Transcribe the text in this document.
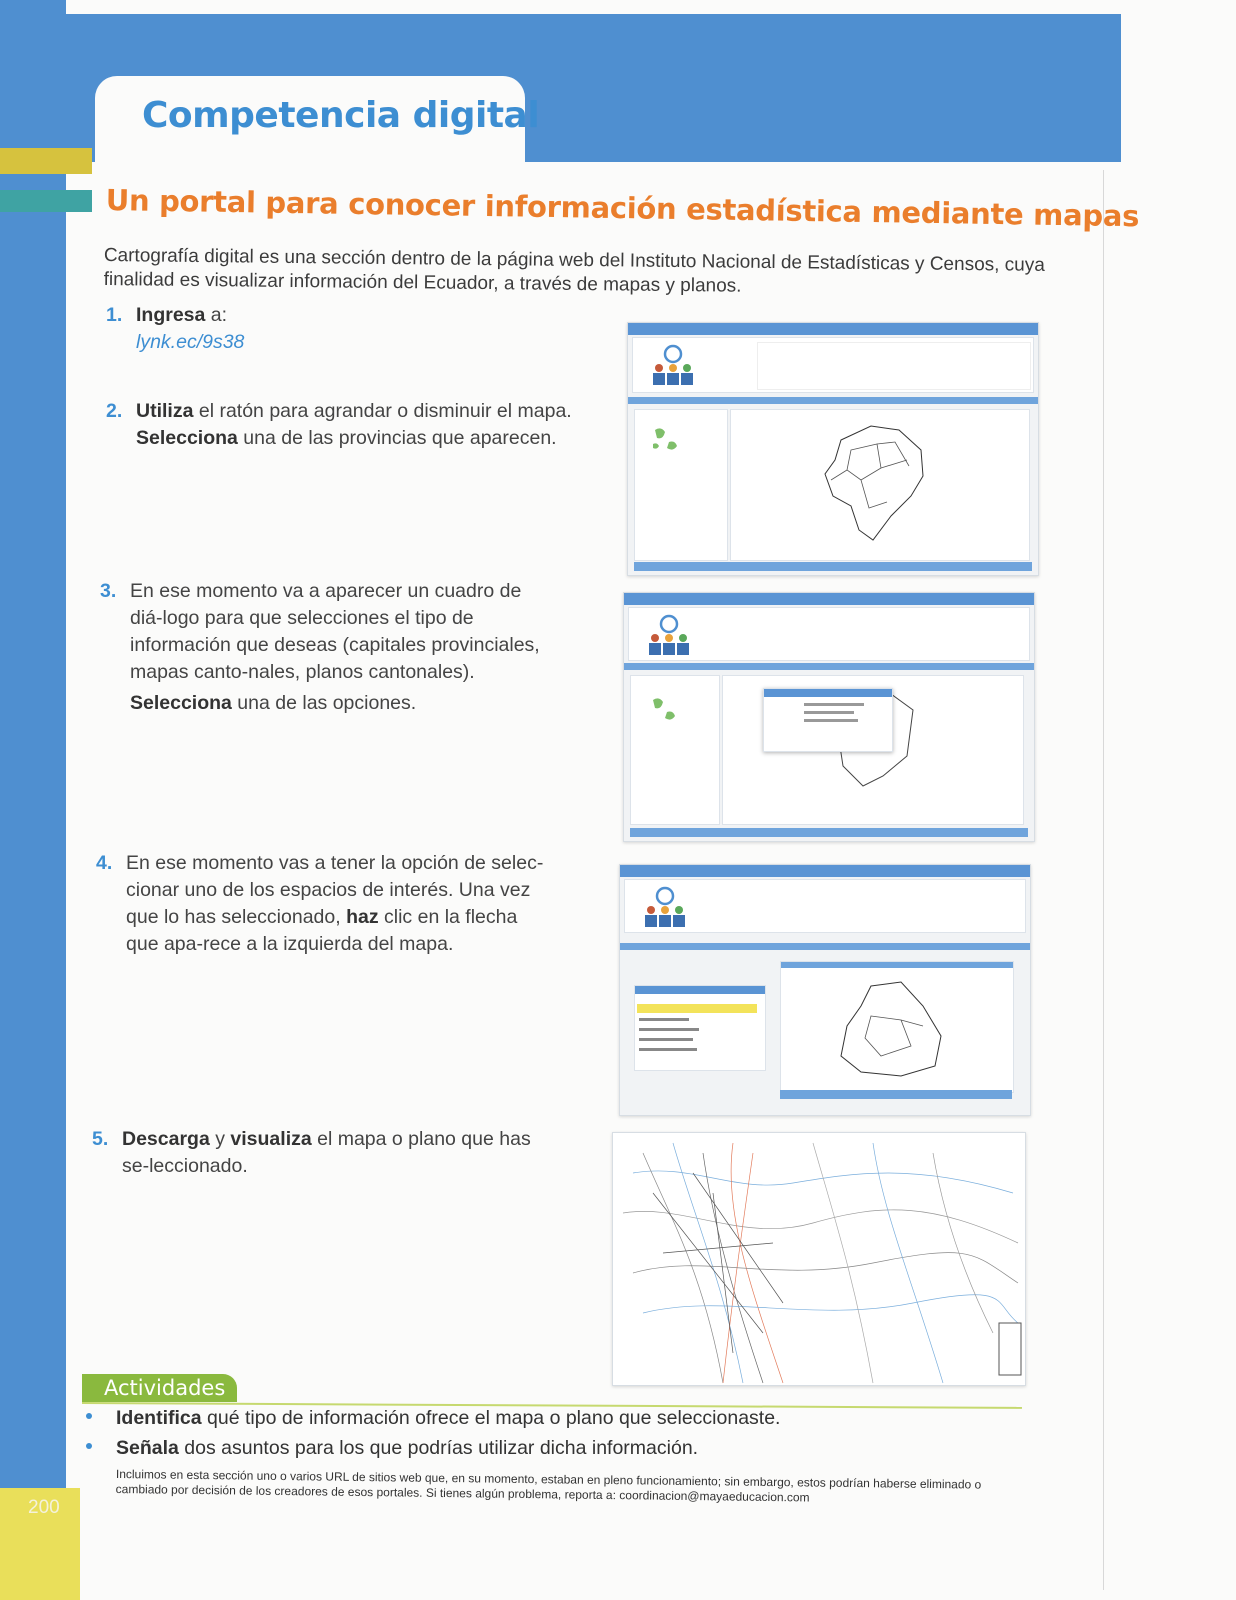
Competencia digital
Un portal para conocer información estadística mediante mapas
Cartografía digital es una sección dentro de la página web del Instituto Nacional de Estadísticas y Censos, cuya finalidad es visualizar información del Ecuador, a través de mapas y planos.
1. Ingresa a:
lynk.ec/9s38
2. Utiliza el ratón para agrandar o disminuir el mapa.
Selecciona una de las provincias que aparecen.
3. En ese momento va a aparecer un cuadro de diá-logo para que selecciones el tipo de información que deseas (capitales provinciales, mapas canto-nales, planos cantonales).
Selecciona una de las opciones.
4. En ese momento vas a tener la opción de selec-cionar uno de los espacios de interés. Una vez que lo has seleccionado, haz clic en la flecha que apa-rece a la izquierda del mapa.
5. Descarga y visualiza el mapa o plano que has se-leccionado.
Actividades
Identifica qué tipo de información ofrece el mapa o plano que seleccionaste.
Señala dos asuntos para los que podrías utilizar dicha información.
Incluimos en esta sección uno o varios URL de sitios web que, en su momento, estaban en pleno funcionamiento; sin embargo, estos podrían haberse eliminado o cambiado por decisión de los creadores de esos portales. Si tienes algún problema, reporta a: coordinacion@mayaeducacion.com
200
